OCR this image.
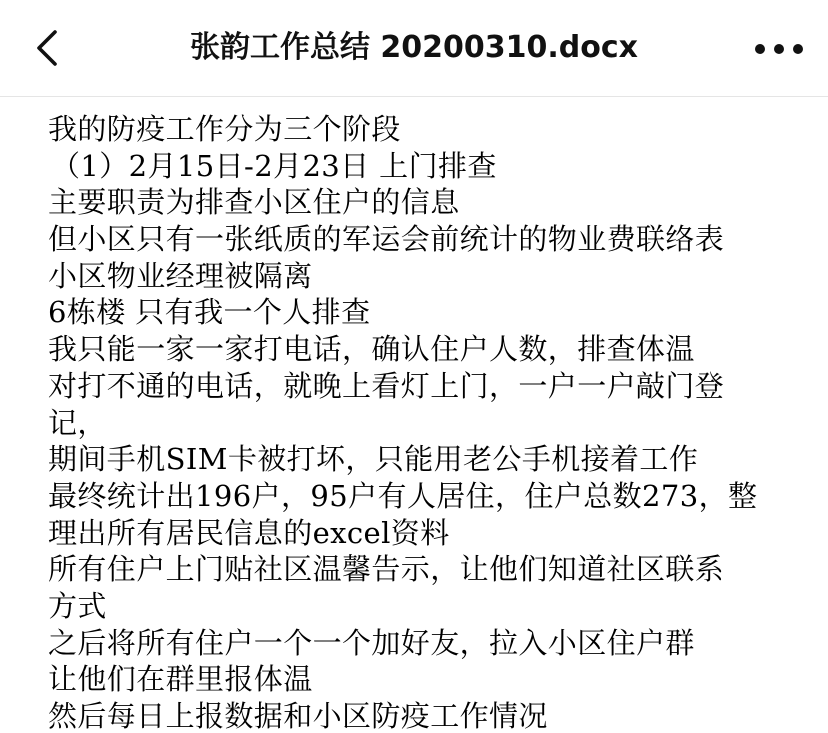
张韵工作总结 20200310.docx
我的防疫工作分为三个阶段
（1）2月15日-2月23日 上门排查
主要职责为排查小区住户的信息
但小区只有一张纸质的军运会前统计的物业费联络表
小区物业经理被隔离
6栋楼 只有我一个人排查
我只能一家一家打电话，确认住户人数，排查体温
对打不通的电话，就晚上看灯上门，一户一户敲门登
记，
期间手机SIM卡被打坏，只能用老公手机接着工作
最终统计出196户，95户有人居住，住户总数273，整
理出所有居民信息的excel资料
所有住户上门贴社区温馨告示，让他们知道社区联系
方式
之后将所有住户一个一个加好友，拉入小区住户群
让他们在群里报体温
然后每日上报数据和小区防疫工作情况
